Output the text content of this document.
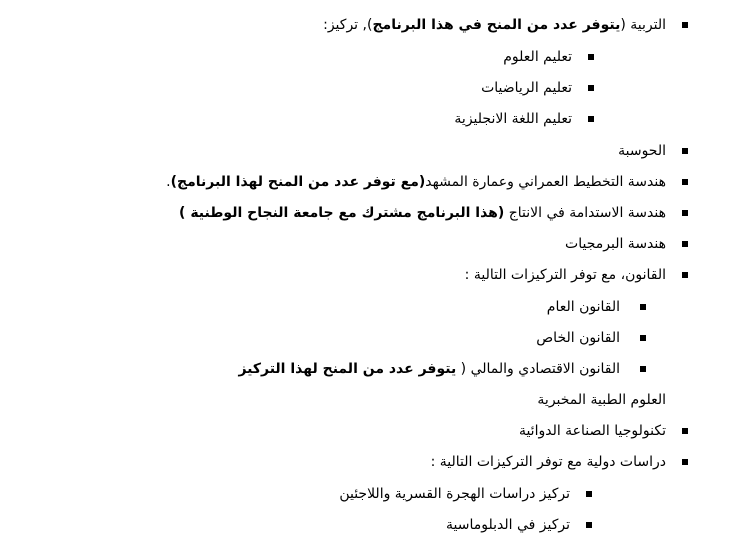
التربية (يتوفر عدد من المنح في هذا البرنامج), تركيز:
تعليم العلوم
تعليم الرياضيات
تعليم اللغة الانجليزية
الحوسبة
هندسة التخطيط العمراني وعمارة المشهد(مع توفر عدد من المنح لهذا البرنامج).
هندسة الاستدامة في الانتاج (هذا البرنامج مشترك مع جامعة النجاح الوطنية )
هندسة البرمجيات
القانون، مع توفر التركيزات التالية :
القانون العام
القانون الخاص
القانون الاقتصادي والمالي ( يتوفر عدد من المنح لهذا التركيز
العلوم الطبية المخبرية
تكنولوجيا الصناعة الدوائية
دراسات دولية مع توفر التركيزات التالية :
تركيز دراسات الهجرة القسرية واللاجئين
تركيز في الدبلوماسية
